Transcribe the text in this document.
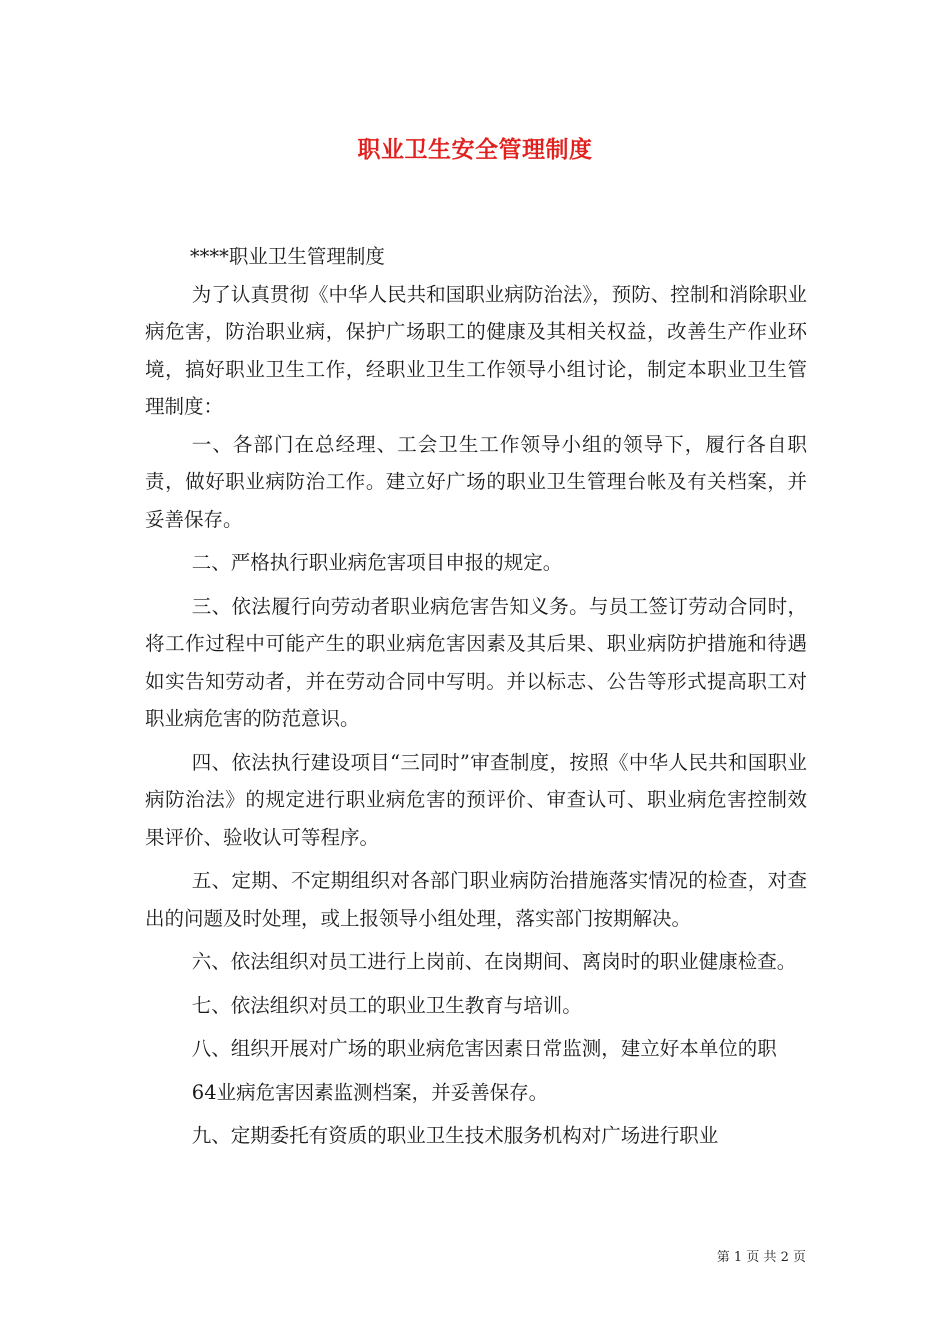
职业卫生安全管理制度

****职业卫生管理制度

为了认真贯彻《中华人民共和国职业病防治法》，预防、控制和消除职业病危害，防治职业病，保护广场职工的健康及其相关权益，改善生产作业环境，搞好职业卫生工作，经职业卫生工作领导小组讨论，制定本职业卫生管理制度：

一、各部门在总经理、工会卫生工作领导小组的领导下，履行各自职责，做好职业病防治工作。建立好广场的职业卫生管理台帐及有关档案，并妥善保存。

二、严格执行职业病危害项目申报的规定。

三、依法履行向劳动者职业病危害告知义务。与员工签订劳动合同时，将工作过程中可能产生的职业病危害因素及其后果、职业病防护措施和待遇如实告知劳动者，并在劳动合同中写明。并以标志、公告等形式提高职工对职业病危害的防范意识。

四、依法执行建设项目“三同时”审查制度，按照《中华人民共和国职业病防治法》的规定进行职业病危害的预评价、审查认可、职业病危害控制效果评价、验收认可等程序。

五、定期、不定期组织对各部门职业病防治措施落实情况的检查，对查出的问题及时处理，或上报领导小组处理，落实部门按期解决。

六、依法组织对员工进行上岗前、在岗期间、离岗时的职业健康检查。

七、依法组织对员工的职业卫生教育与培训。

八、组织开展对广场的职业病危害因素日常监测，建立好本单位的职

64业病危害因素监测档案，并妥善保存。

九、定期委托有资质的职业卫生技术服务机构对广场进行职业

第 1 页 共 2 页
